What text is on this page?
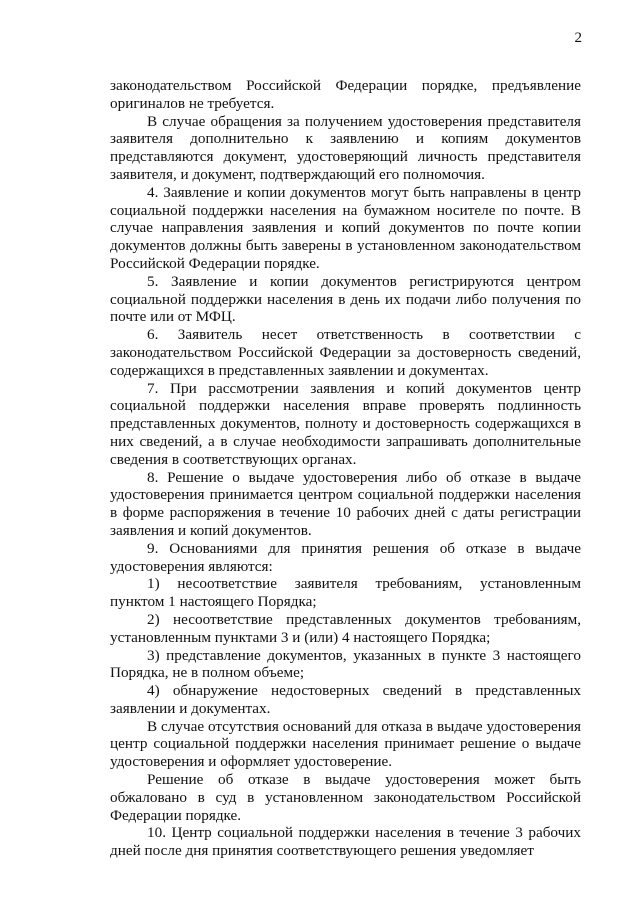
2

законодательством Российской Федерации порядке, предъявление оригиналов не требуется.

В случае обращения за получением удостоверения представителя заявителя дополнительно к заявлению и копиям документов представляются документ, удостоверяющий личность представителя заявителя, и документ, подтверждающий его полномочия.

4. Заявление и копии документов могут быть направлены в центр социальной поддержки населения на бумажном носителе по почте. В случае направления заявления и копий документов по почте копии документов должны быть заверены в установленном законодательством Российской Федерации порядке.

5. Заявление и копии документов регистрируются центром социальной поддержки населения в день их подачи либо получения по почте или от МФЦ.

6. Заявитель несет ответственность в соответствии с законодательством Российской Федерации за достоверность сведений, содержащихся в представленных заявлении и документах.

7. При рассмотрении заявления и копий документов центр социальной поддержки населения вправе проверять подлинность представленных документов, полноту и достоверность содержащихся в них сведений, а в случае необходимости запрашивать дополнительные сведения в соответствующих органах.

8. Решение о выдаче удостоверения либо об отказе в выдаче удостоверения принимается центром социальной поддержки населения в форме распоряжения в течение 10 рабочих дней с даты регистрации заявления и копий документов.

9. Основаниями для принятия решения об отказе в выдаче удостоверения являются:

1) несоответствие заявителя требованиям, установленным пунктом 1 настоящего Порядка;

2) несоответствие представленных документов требованиям, установленным пунктами 3 и (или) 4 настоящего Порядка;

3) представление документов, указанных в пункте 3 настоящего Порядка, не в полном объеме;

4) обнаружение недостоверных сведений в представленных заявлении и документах.

В случае отсутствия оснований для отказа в выдаче удостоверения центр социальной поддержки населения принимает решение о выдаче удостоверения и оформляет удостоверение.

Решение об отказе в выдаче удостоверения может быть обжаловано в суд в установленном законодательством Российской Федерации порядке.

10. Центр социальной поддержки населения в течение 3 рабочих дней после дня принятия соответствующего решения уведомляет
